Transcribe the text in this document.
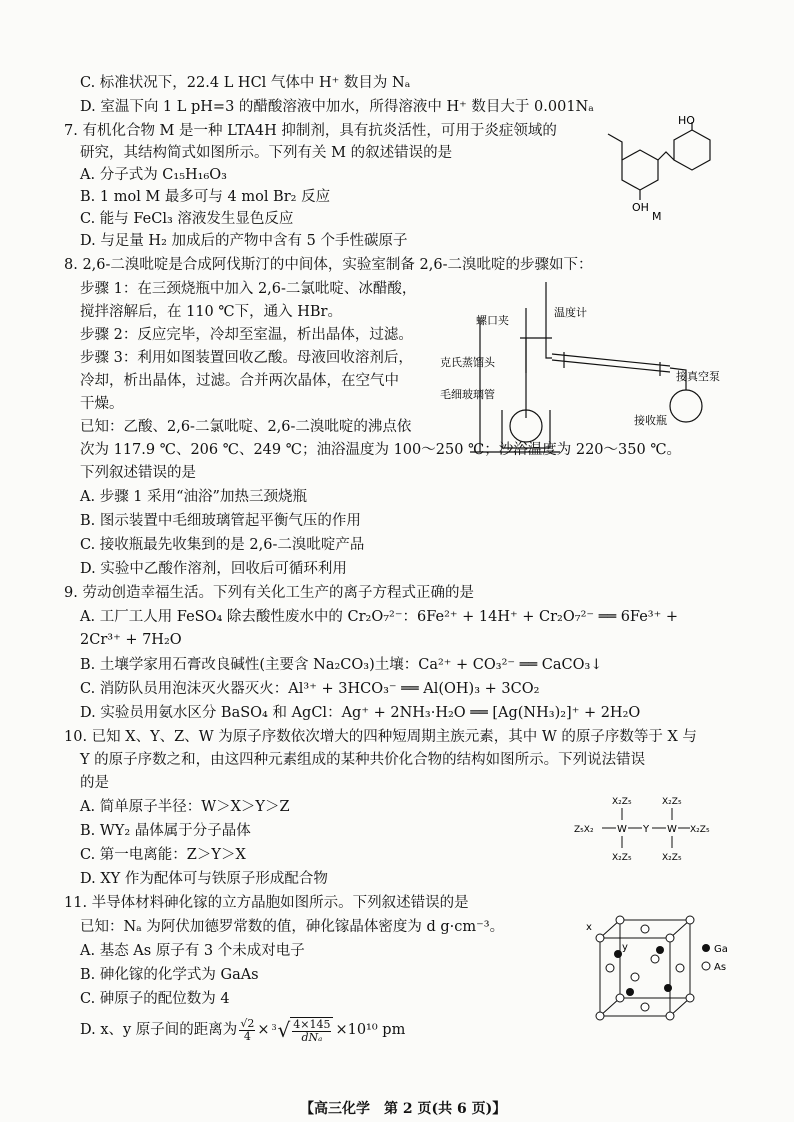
C. 标准状况下，22.4 L HCl 气体中 H⁺ 数目为 Nₐ
D. 室温下向 1 L pH=3 的醋酸溶液中加水，所得溶液中 H⁺ 数目大于 0.001Nₐ
7. 有机化合物 M 是一种 LTA4H 抑制剂，具有抗炎活性，可用于炎症领域的
研究，其结构简式如图所示。下列有关 M 的叙述错误的是
A. 分子式为 C₁₅H₁₆O₃
B. 1 mol M 最多可与 4 mol Br₂ 反应
C. 能与 FeCl₃ 溶液发生显色反应
D. 与足量 H₂ 加成后的产物中含有 5 个手性碳原子
8. 2,6-二溴吡啶是合成阿伐斯汀的中间体，实验室制备 2,6-二溴吡啶的步骤如下：
步骤 1：在三颈烧瓶中加入 2,6-二氯吡啶、冰醋酸，
搅拌溶解后，在 110 ℃下，通入 HBr。
步骤 2：反应完毕，冷却至室温，析出晶体，过滤。
步骤 3：利用如图装置回收乙酸。母液回收溶剂后，
冷却，析出晶体，过滤。合并两次晶体，在空气中
干燥。
已知：乙酸、2,6-二氯吡啶、2,6-二溴吡啶的沸点依
次为 117.9 ℃、206 ℃、249 ℃；油浴温度为 100～250 ℃；沙浴温度为 220～350 ℃。
下列叙述错误的是
A. 步骤 1 采用“油浴”加热三颈烧瓶
B. 图示装置中毛细玻璃管起平衡气压的作用
C. 接收瓶最先收集到的是 2,6-二溴吡啶产品
D. 实验中乙酸作溶剂，回收后可循环利用
9. 劳动创造幸福生活。下列有关化工生产的离子方程式正确的是
A. 工厂工人用 FeSO₄ 除去酸性废水中的 Cr₂O₇²⁻：6Fe²⁺ + 14H⁺ + Cr₂O₇²⁻ ══ 6Fe³⁺ +
2Cr³⁺ + 7H₂O
B. 土壤学家用石膏改良碱性(主要含 Na₂CO₃)土壤：Ca²⁺ + CO₃²⁻ ══ CaCO₃↓
C. 消防队员用泡沫灭火器灭火：Al³⁺ + 3HCO₃⁻ ══ Al(OH)₃ + 3CO₂
D. 实验员用氨水区分 BaSO₄ 和 AgCl：Ag⁺ + 2NH₃·H₂O ══ [Ag(NH₃)₂]⁺ + 2H₂O
10. 已知 X、Y、Z、W 为原子序数依次增大的四种短周期主族元素，其中 W 的原子序数等于 X 与
Y 的原子序数之和，由这四种元素组成的某种共价化合物的结构如图所示。下列说法错误
的是
A. 简单原子半径：W＞X＞Y＞Z
B. WY₂ 晶体属于分子晶体
C. 第一电离能：Z＞Y＞X
D. XY 作为配体可与铁原子形成配合物
11. 半导体材料砷化镓的立方晶胞如图所示。下列叙述错误的是
已知：Nₐ 为阿伏加德罗常数的值，砷化镓晶体密度为 d g·cm⁻³。
A. 基态 As 原子有 3 个未成对电子
B. 砷化镓的化学式为 GaAs
C. 砷原子的配位数为 4
D. x、y 原子间的距离为 $\frac{√2}{4} \times 3$ √ 4×145
dNₐ ×10¹⁰ pm
HO
OH
M
螺口夹
温度计
克氏蒸馏头
毛细玻璃管
接真空泵
接收瓶
X₂Z₅	X₂Z₅
Z₅X₂ W Y W X₂Z₅
X₂Z₅	X₂Z₅
x
y	Ga
As
【高三化学　第 2 页(共 6 页)】
